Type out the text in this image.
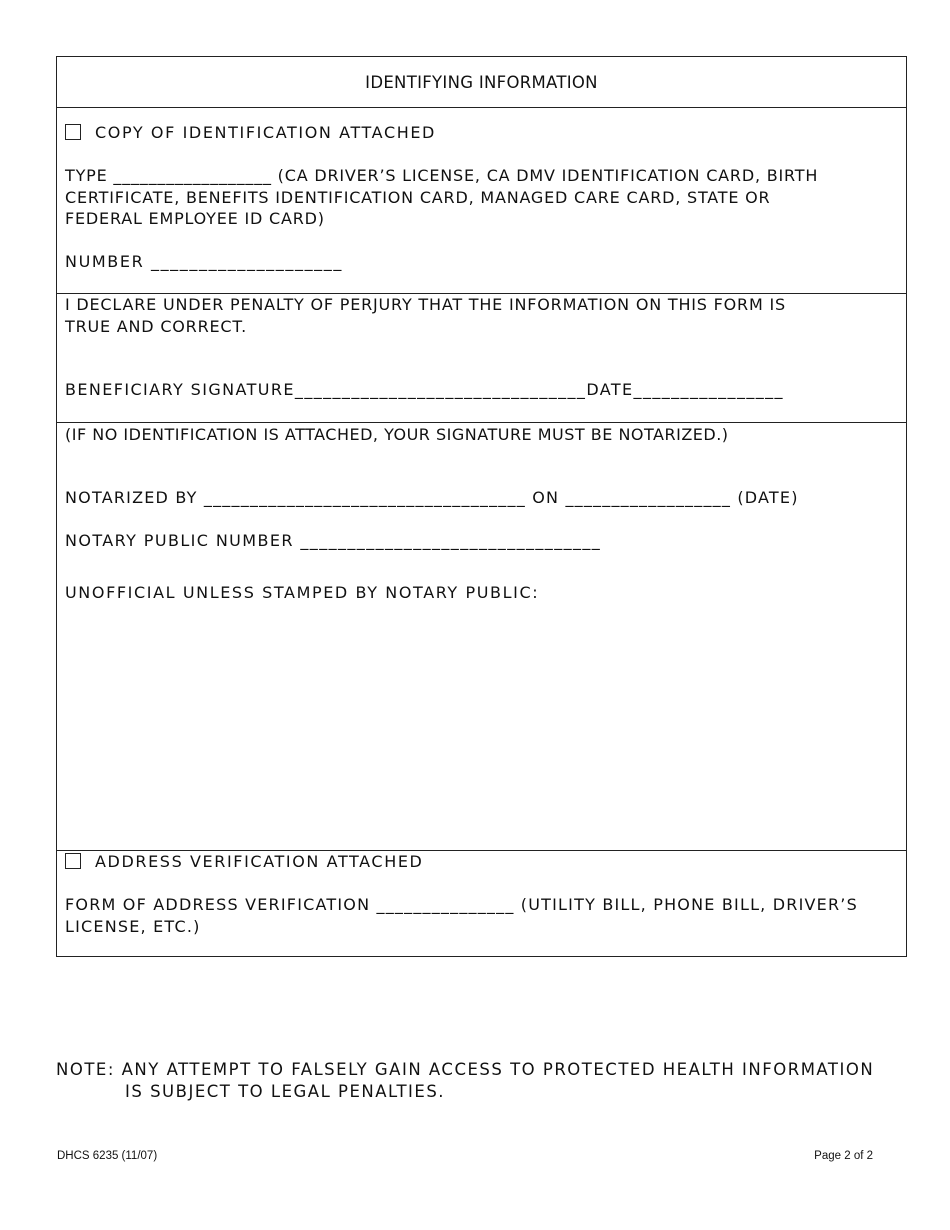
IDENTIFYING INFORMATION
COPY OF IDENTIFICATION ATTACHED
TYPE __________________ (CA DRIVER’S LICENSE, CA DMV IDENTIFICATION CARD, BIRTH
CERTIFICATE, BENEFITS IDENTIFICATION CARD, MANAGED CARE CARD, STATE OR
FEDERAL EMPLOYEE ID CARD)
NUMBER ____________________
I DECLARE UNDER PENALTY OF PERJURY THAT THE INFORMATION ON THIS FORM IS
TRUE AND CORRECT.
BENEFICIARY SIGNATURE_______________________________DATE________________
(IF NO IDENTIFICATION IS ATTACHED, YOUR SIGNATURE MUST BE NOTARIZED.)
NOTARIZED BY ___________________________________ ON __________________ (DATE)
NOTARY PUBLIC NUMBER ________________________________
UNOFFICIAL UNLESS STAMPED BY NOTARY PUBLIC:
ADDRESS VERIFICATION ATTACHED
FORM OF ADDRESS VERIFICATION _______________ (UTILITY BILL, PHONE BILL, DRIVER’S
LICENSE, ETC.)
NOTE: ANY ATTEMPT TO FALSELY GAIN ACCESS TO PROTECTED HEALTH INFORMATION
IS SUBJECT TO LEGAL PENALTIES.
DHCS 6235 (11/07)	Page 2 of 2
